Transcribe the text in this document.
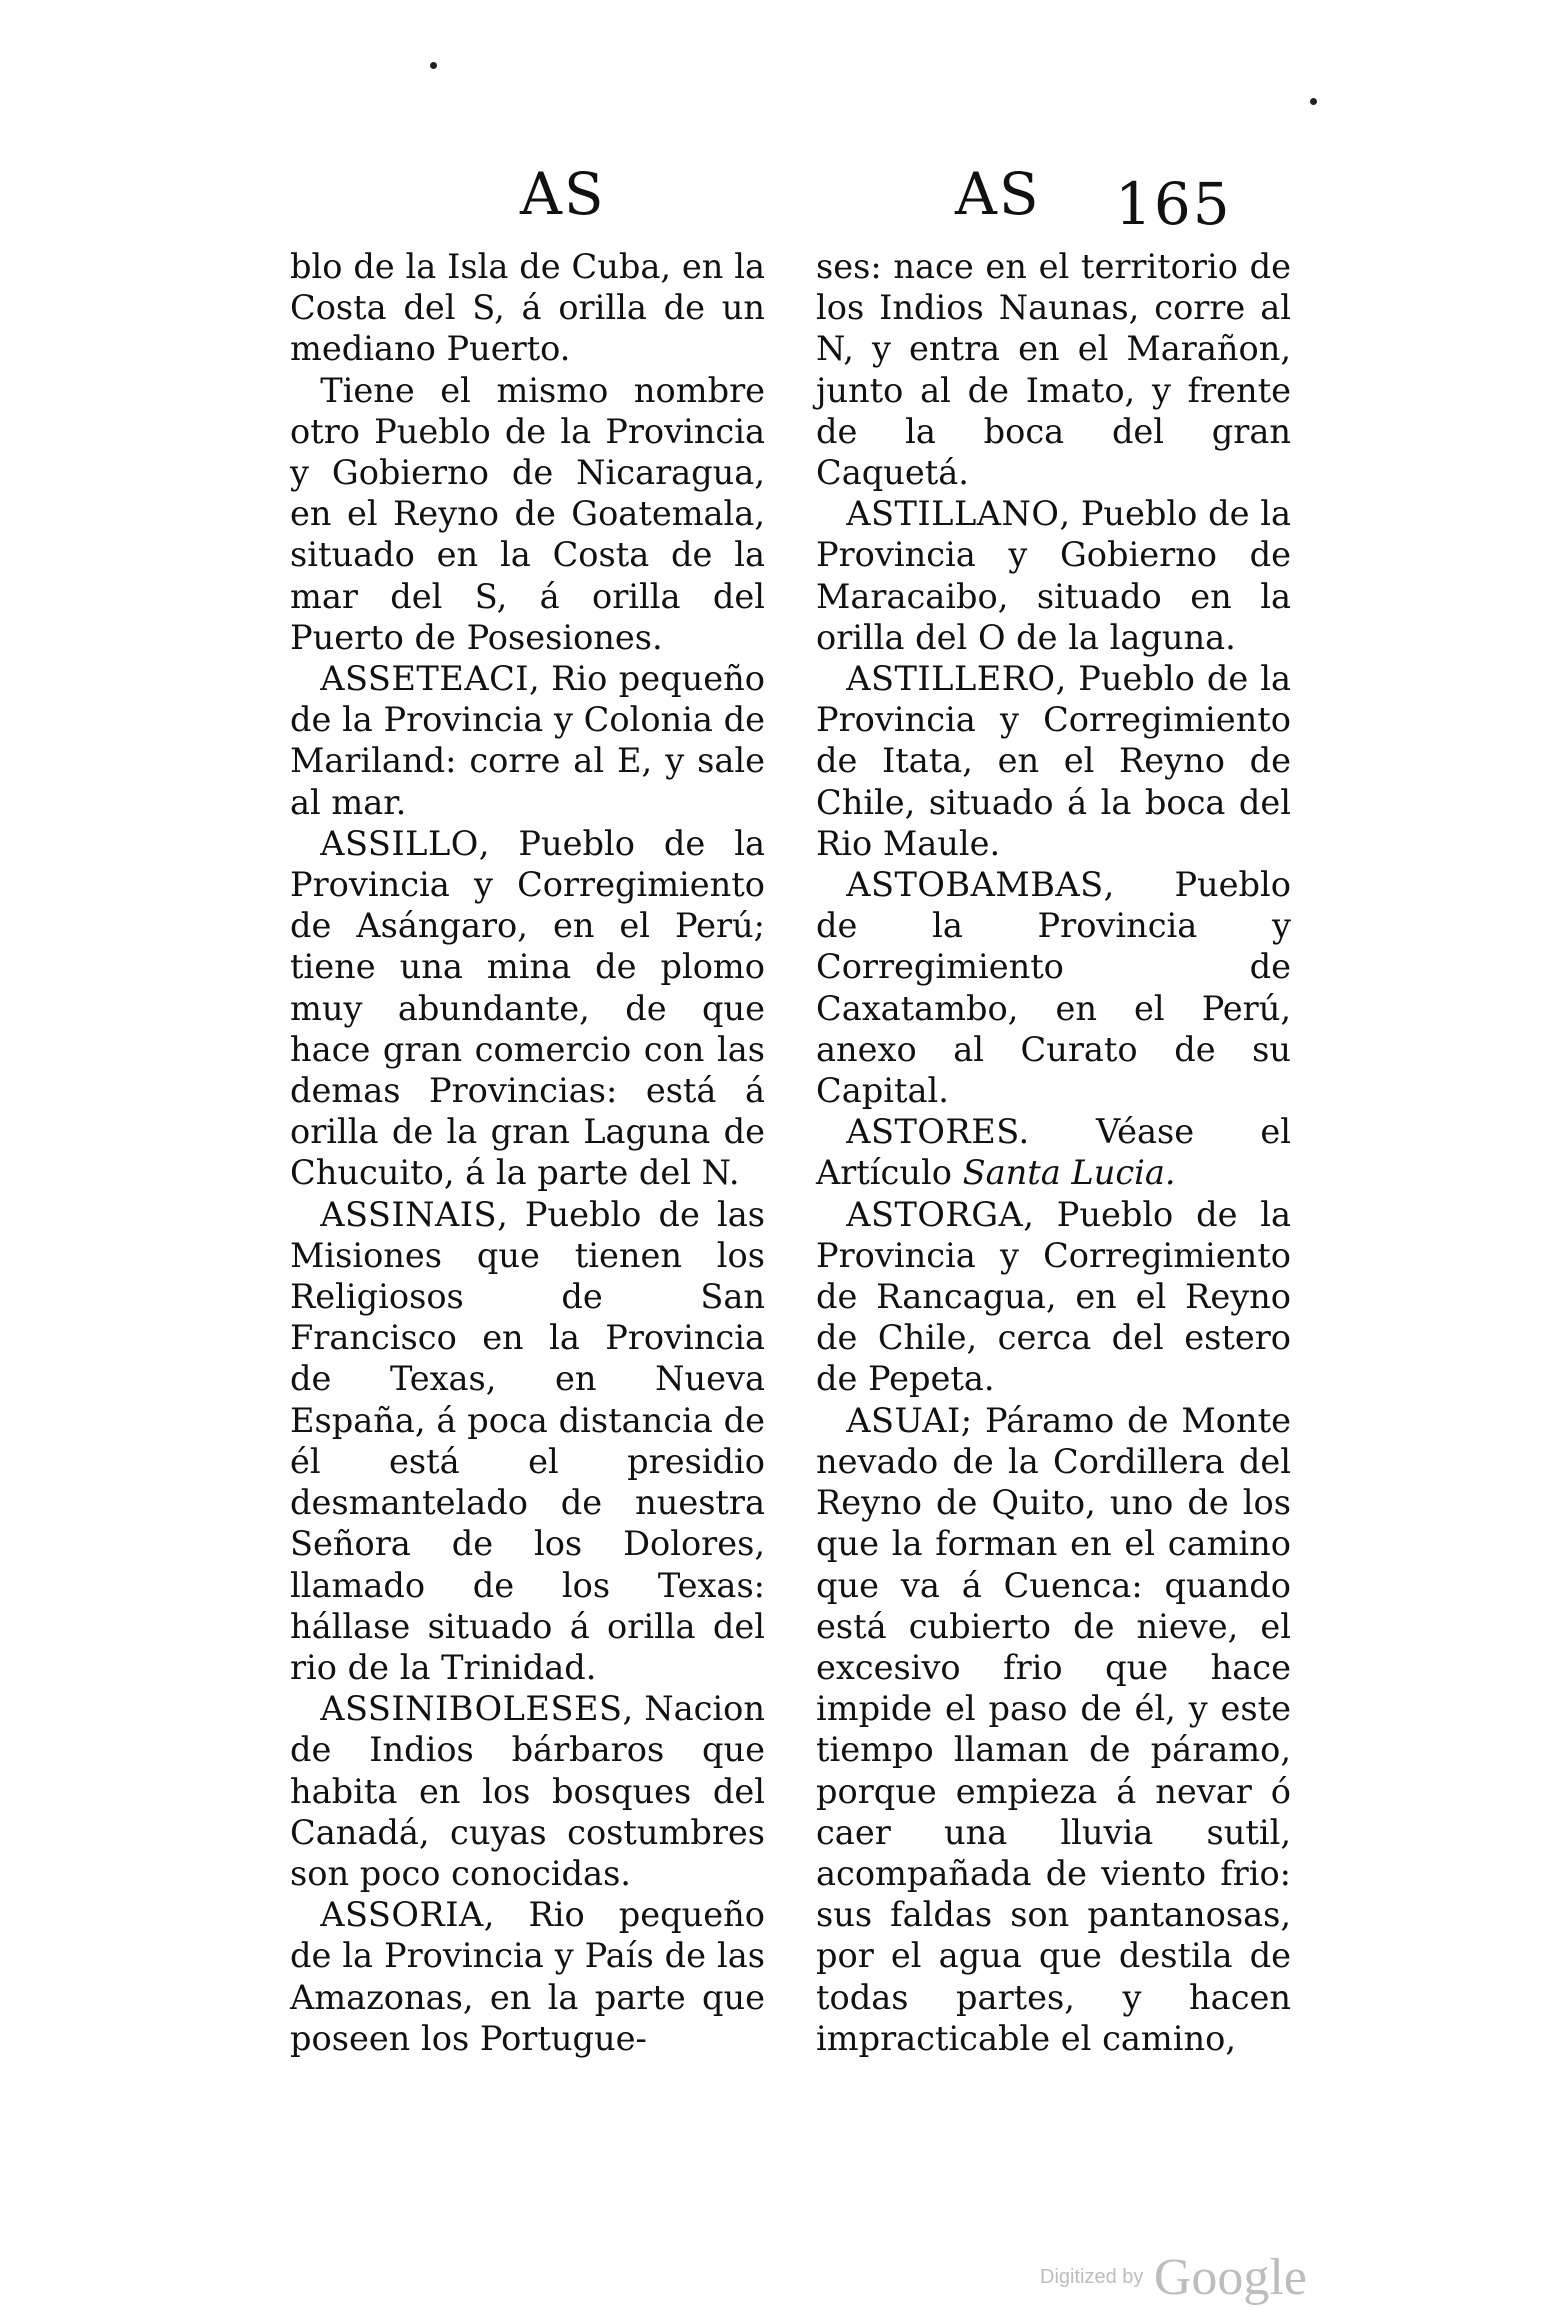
AS	AS 165

blo de la Isla de Cuba, en la Costa del S, á orilla de un mediano Puerto.

Tiene el mismo nombre otro Pueblo de la Provincia y Gobierno de Nicaragua, en el Reyno de Goatemala, situado en la Costa de la mar del S, á orilla del Puerto de Posesiones.

ASSETEACI, Rio pequeño de la Provincia y Colonia de Mariland: corre al E, y sale al mar.

ASSILLO, Pueblo de la Provincia y Corregimiento de Asángaro, en el Perú; tiene una mina de plomo muy abundante, de que hace gran comercio con las demas Provincias: está á orilla de la gran Laguna de Chucuito, á la parte del N.

ASSINAIS, Pueblo de las Misiones que tienen los Religiosos de San Francisco en la Provincia de Texas, en Nueva España, á poca distancia de él está el presidio desmantelado de nuestra Señora de los Dolores, llamado de los Texas: hállase situado á orilla del rio de la Trinidad.

ASSINIBOLESES, Nacion de Indios bárbaros que habita en los bosques del Canadá, cuyas costumbres son poco conocidas.

ASSORIA, Rio pequeño de la Provincia y País de las Amazonas, en la parte que poseen los Portugue-

ses: nace en el territorio de los Indios Naunas, corre al N, y entra en el Marañon, junto al de Imato, y frente de la boca del gran Caquetá.

ASTILLANO, Pueblo de la Provincia y Gobierno de Maracaibo, situado en la orilla del O de la laguna.

ASTILLERO, Pueblo de la Provincia y Corregimiento de Itata, en el Reyno de Chile, situado á la boca del Rio Maule.

ASTOBAMBAS, Pueblo de la Provincia y Corregimiento de Caxatambo, en el Perú, anexo al Curato de su Capital.

ASTORES. Véase el Artículo Santa Lucia.

ASTORGA, Pueblo de la Provincia y Corregimiento de Rancagua, en el Reyno de Chile, cerca del estero de Pepeta.

ASUAI; Páramo de Monte nevado de la Cordillera del Reyno de Quito, uno de los que la forman en el camino que va á Cuenca: quando está cubierto de nieve, el excesivo frio que hace impide el paso de él, y este tiempo llaman de páramo, porque empieza á nevar ó caer una lluvia sutil, acompañada de viento frio: sus faldas son pantanosas, por el agua que destila de todas partes, y hacen impracticable el camino,

Digitized by Google
